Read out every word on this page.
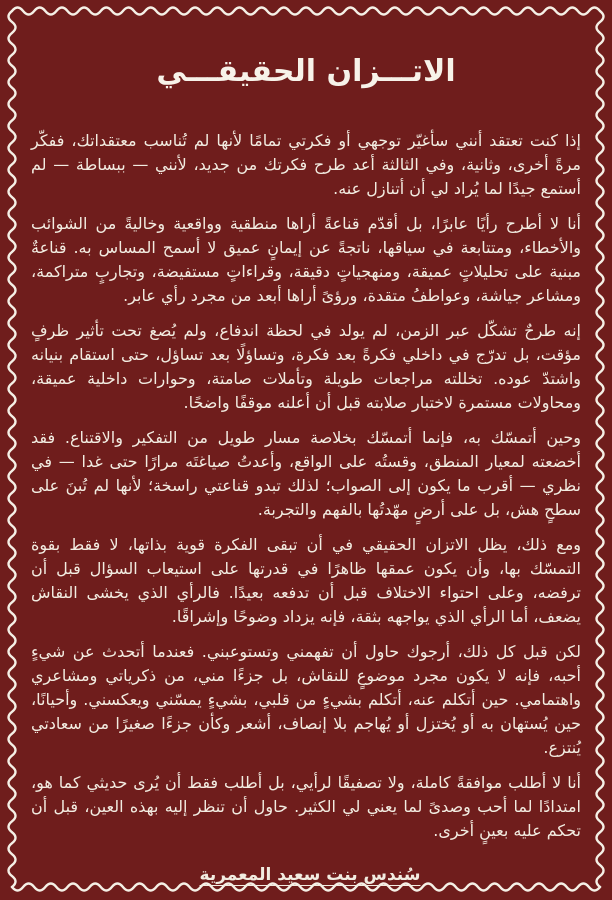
الاتـــزان الحقيقـــي

إذا كنت تعتقد أنني سأغيّر توجهي أو فكرتي تمامًا لأنها لم تُناسب معتقداتك، ففكّر مرةً أخرى، وثانية، وفي الثالثة أعد طرح فكرتك من جديد، لأنني — ببساطة — لم أستمع جيدًا لما يُراد لي أن أتنازل عنه.

أنا لا أطرح رأيًا عابرًا، بل أقدّم قناعةً أراها منطقية وواقعية وخاليةً من الشوائب والأخطاء، ومتتابعة في سياقها، ناتجةً عن إيمانٍ عميق لا أسمح المساس به. قناعةٌ مبنية على تحليلاتٍ عميقة، ومنهجياتٍ دقيقة، وقراءاتٍ مستفيضة، وتجاربٍ متراكمة، ومشاعر جياشة، وعواطفُ متقدة، ورؤىً أراها أبعد من مجرد رأي عابر.

إنه طرحٌ تشكّل عبر الزمن، لم يولد في لحظة اندفاع، ولم يُصغ تحت تأثير ظرفٍ مؤقت، بل تدرّج في داخلي فكرةً بعد فكرة، وتساؤلًا بعد تساؤل، حتى استقام بنيانه واشتدّ عوده. تخللته مراجعات طويلة وتأملات صامتة، وحوارات داخلية عميقة، ومحاولات مستمرة لاختبار صلابته قبل أن أعلنه موقفًا واضحًا.

وحين أتمسّك به، فإنما أتمسّك بخلاصة مسار طويل من التفكير والاقتناع. فقد أخضعته لمعيار المنطق، وقستُه على الواقع، وأعدتُ صياغتَه مرارًا حتى غدا — في نظري — أقرب ما يكون إلى الصواب؛ لذلك تبدو قناعتي راسخة؛ لأنها لم تُبنَ على سطحٍ هش، بل على أرضٍ مهّدتُها بالفهم والتجربة.

ومع ذلك، يظل الاتزان الحقيقي في أن تبقى الفكرة قوية بذاتها، لا فقط بقوة التمسّك بها، وأن يكون عمقها ظاهرًا في قدرتها على استيعاب السؤال قبل أن ترفضه، وعلى احتواء الاختلاف قبل أن تدفعه بعيدًا. فالرأي الذي يخشى النقاش يضعف، أما الرأي الذي يواجهه بثقة، فإنه يزداد وضوحًا وإشراقًا.

لكن قبل كل ذلك، أرجوك حاول أن تفهمني وتستوعبني. فعندما أتحدث عن شيءٍ أحبه، فإنه لا يكون مجرد موضوعٍ للنقاش، بل جزءًا مني، من ذكرياتي ومشاعري واهتمامي. حين أتكلم عنه، أتكلم بشيءٍ من قلبي، بشيءٍ يمسّني ويعكسني. وأحيانًا، حين يُستهان به أو يُختزل أو يُهاجم بلا إنصاف، أشعر وكأن جزءًا صغيرًا من سعادتي يُنتزع.

أنا لا أطلب موافقةً كاملة، ولا تصفيقًا لرأيي، بل أطلب فقط أن يُرى حديثي كما هو، امتدادًا لما أحب وصدىً لما يعني لي الكثير. حاول أن تنظر إليه بهذه العين، قبل أن تحكم عليه بعينٍ أخرى.

سُندس بنت سعيد المعمرية
